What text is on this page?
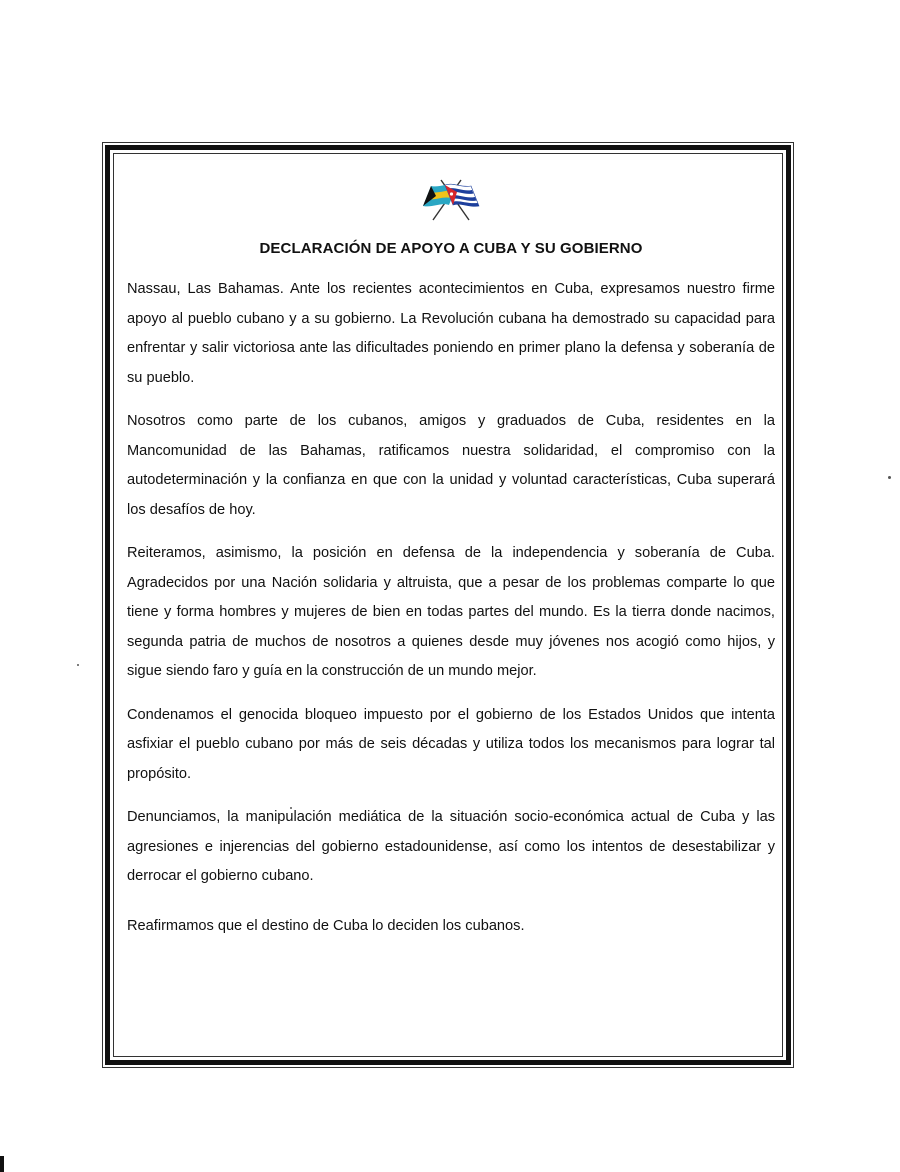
DECLARACIÓN DE APOYO A CUBA Y SU GOBIERNO

Nassau, Las Bahamas. Ante los recientes acontecimientos en Cuba, expresamos nuestro firme apoyo al pueblo cubano y a su gobierno. La Revolución cubana ha demostrado su capacidad para enfrentar y salir victoriosa ante las dificultades poniendo en primer plano la defensa y soberanía de su pueblo.

Nosotros como parte de los cubanos, amigos y graduados de Cuba, residentes en la Mancomunidad de las Bahamas, ratificamos nuestra solidaridad, el compromiso con la autodeterminación y la confianza en que con la unidad y voluntad características, Cuba superará los desafíos de hoy.

Reiteramos, asimismo, la posición en defensa de la independencia y soberanía de Cuba. Agradecidos por una Nación solidaria y altruista, que a pesar de los problemas comparte lo que tiene y forma hombres y mujeres de bien en todas partes del mundo. Es la tierra donde nacimos, segunda patria de muchos de nosotros a quienes desde muy jóvenes nos acogió como hijos, y sigue siendo faro y guía en la construcción de un mundo mejor.

Condenamos el genocida bloqueo impuesto por el gobierno de los Estados Unidos que intenta asfixiar el pueblo cubano por más de seis décadas y utiliza todos los mecanismos para lograr tal propósito.

Denunciamos, la manipulación mediática de la situación socio-económica actual de Cuba y las agresiones e injerencias del gobierno estadounidense, así como los intentos de desestabilizar y derrocar el gobierno cubano.

Reafirmamos que el destino de Cuba lo deciden los cubanos.
